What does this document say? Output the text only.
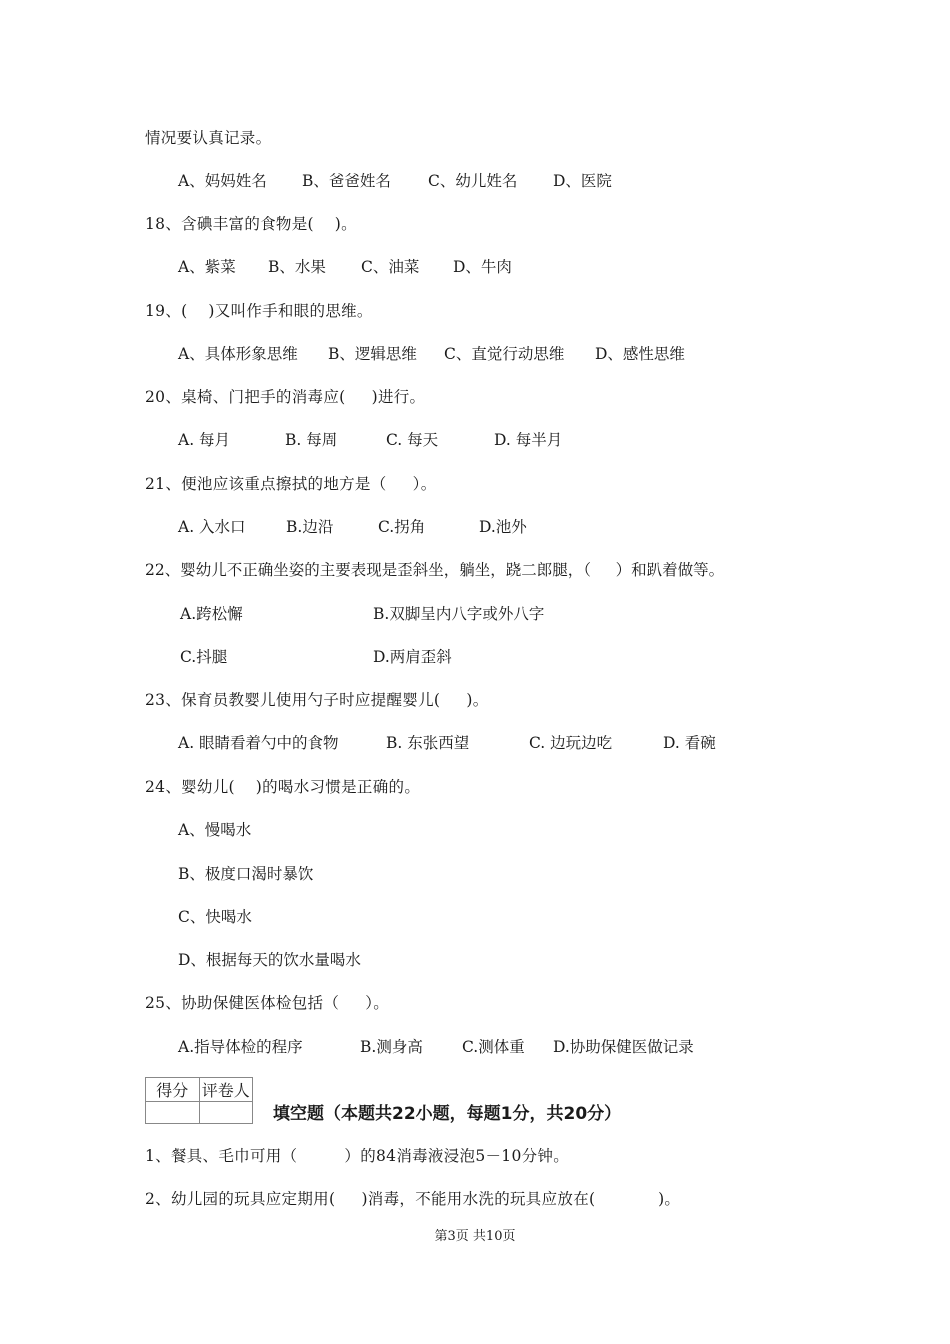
情况要认真记录。
A、妈妈姓名 B、爸爸姓名 C、幼儿姓名 D、医院
18、含碘丰富的食物是(    )。
A、紫菜 B、水果 C、油菜 D、牛肉
19、(    )又叫作手和眼的思维。
A、具体形象思维 B、逻辑思维 C、直觉行动思维 D、感性思维
20、桌椅、门把手的消毒应(     )进行。
A. 每月	B. 每周	C. 每天	D. 每半月
21、便池应该重点擦拭的地方是（     ）。
A. 入水口	B.边沿	C.拐角	D.池外
22、婴幼儿不正确坐姿的主要表现是歪斜坐，躺坐，跷二郎腿，（     ）和趴着做等。
A.跨松懈	B.双脚呈内八字或外八字
C.抖腿	D.两肩歪斜
23、保育员教婴儿使用勺子时应提醒婴儿(     )。
A. 眼睛看着勺中的食物	B. 东张西望	C. 边玩边吃	D. 看碗
24、婴幼儿(    )的喝水习惯是正确的。
A、慢喝水
B、极度口渴时暴饮
C、快喝水
D、根据每天的饮水量喝水
25、协助保健医体检包括（     ）。
A.指导体检的程序	B.测身高	C.测体重 D.协助保健医做记录
得分	评卷人

填空题（本题共22小题，每题1分，共20分）
1、餐具、毛巾可用（         ）的84消毒液浸泡5－10分钟。
2、幼儿园的玩具应定期用(     )消毒，不能用水洗的玩具应放在(            )。
第3页 共10页
